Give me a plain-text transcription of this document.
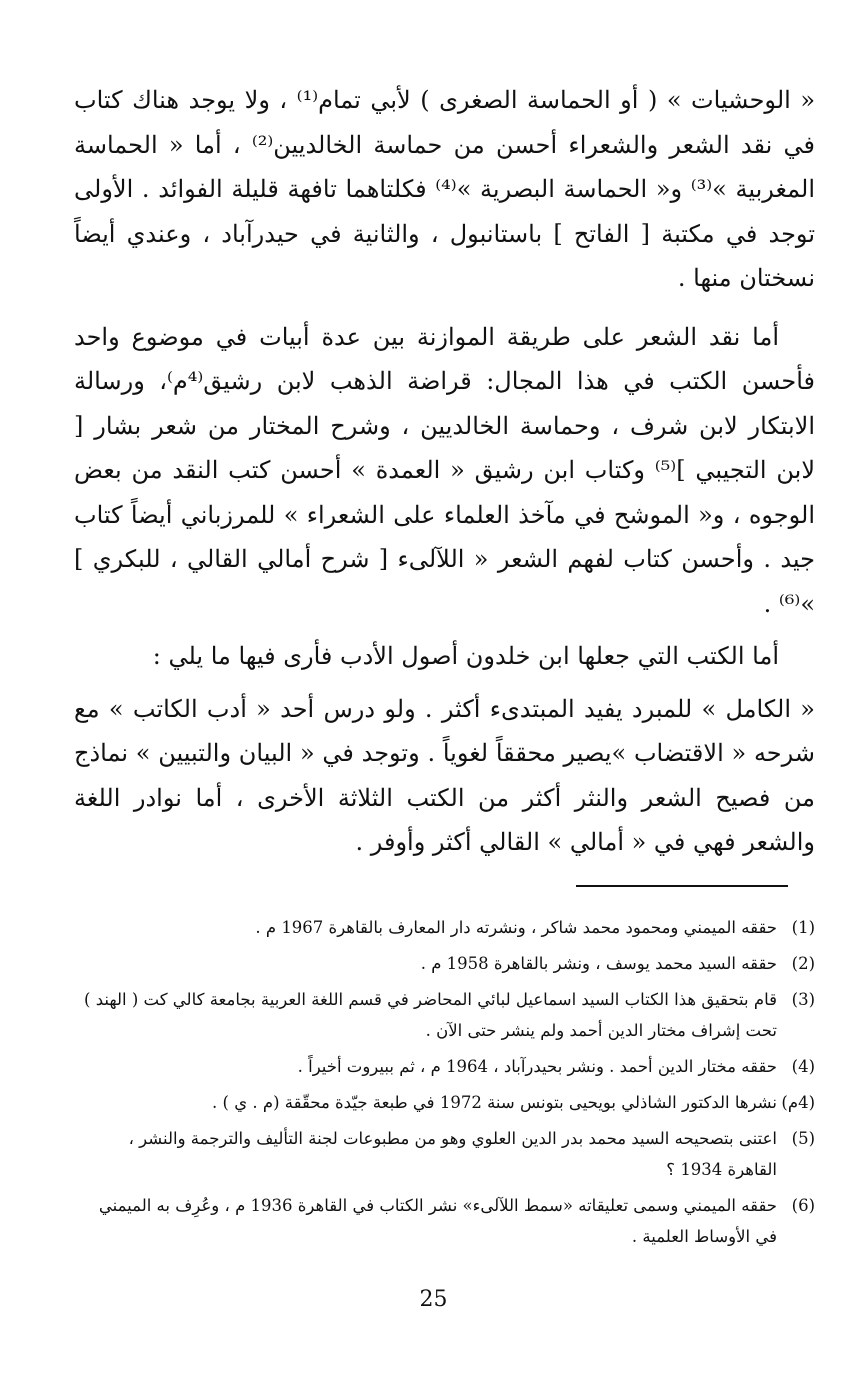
« الوحشيات » ( أو الحماسة الصغرى ) لأبي تمام⁽¹⁾ ، ولا يوجد هناك كتاب في نقد الشعر والشعراء أحسن من حماسة الخالديين⁽²⁾ ، أما « الحماسة المغربية »⁽³⁾ و« الحماسة البصرية »⁽⁴⁾ فكلتاهما تافهة قليلة الفوائد . الأولى توجد في مكتبة [ الفاتح ] باستانبول ، والثانية في حيدرآباد ، وعندي أيضاً نسختان منها .

أما نقد الشعر على طريقة الموازنة بين عدة أبيات في موضوع واحد فأحسن الكتب في هذا المجال: قراضة الذهب لابن رشيق⁽⁴م⁾، ورسالة الابتكار لابن شرف ، وحماسة الخالديين ، وشرح المختار من شعر بشار [ لابن التجيبي ]⁽⁵⁾ وكتاب ابن رشيق « العمدة » أحسن كتب النقد من بعض الوجوه ، و« الموشح في مآخذ العلماء على الشعراء » للمرزباني أيضاً كتاب جيد . وأحسن كتاب لفهم الشعر « اللآلىء [ شرح أمالي القالي ، للبكري ] »⁽⁶⁾ .

أما الكتب التي جعلها ابن خلدون أصول الأدب فأرى فيها ما يلي :

« الكامل » للمبرد يفيد المبتدىء أكثر . ولو درس أحد « أدب الكاتب » مع شرحه « الاقتضاب »يصير محققاً لغوياً . وتوجد في « البيان والتبيين » نماذج من فصيح الشعر والنثر أكثر من الكتب الثلاثة الأخرى ، أما نوادر اللغة والشعر فهي في « أمالي » القالي أكثر وأوفر .

(1)
حققه الميمني ومحمود محمد شاكر ، ونشرته دار المعارف بالقاهرة 1967 م .
(2)
حققه السيد محمد يوسف ، ونشر بالقاهرة 1958 م .
(3)
قام بتحقيق هذا الكتاب السيد اسماعيل لبائي المحاضر في قسم اللغة العربية بجامعة كالي كت ( الهند ) تحت إشراف مختار الدين أحمد ولم ينشر حتى الآن .
(4)
حققه مختار الدين أحمد . ونشر بحيدرآباد ، 1964 م ، ثم ببيروت أخيراً .
(4م)
نشرها الدكتور الشاذلي بويحيى بتونس سنة 1972 في طبعة جيّدة محقّقة (م . ي ) .
(5)
اعتنى بتصحيحه السيد محمد بدر الدين العلوي وهو من مطبوعات لجنة التأليف والترجمة والنشر ، القاهرة 1934 ؟
(6)
حققه الميمني وسمى تعليقاته «سمط اللآلىء» نشر الكتاب في القاهرة 1936 م ، وعُرِف به الميمني في الأوساط العلمية .
25
